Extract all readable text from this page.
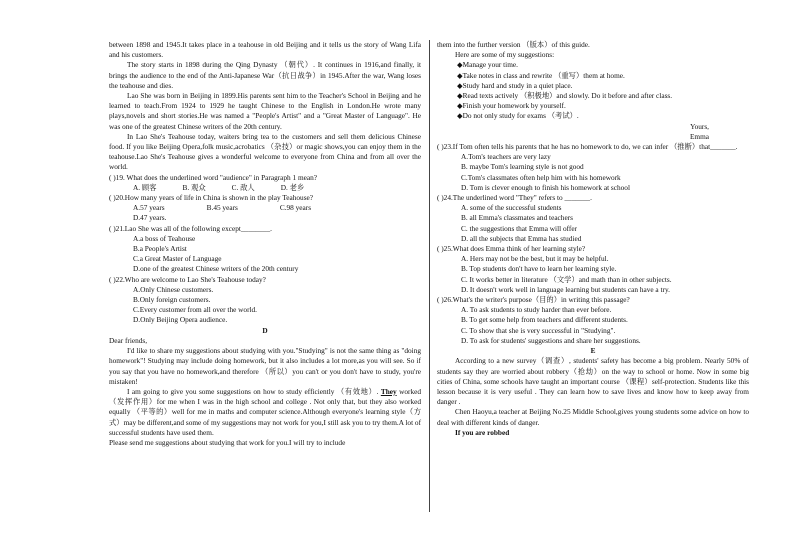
between 1898 and 1945.It takes place in a teahouse in old Beijing and it tells us the story of Wang Lifa and his customers.

The story starts in 1898 during the Qing Dynasty （朝代）. It continues in 1916,and finally, it brings the audience to the end of the Anti-Japanese War（抗日战争）in 1945.After the war, Wang loses the teahouse and dies.

Lao She was born in Beijing in 1899.His parents sent him to the Teacher's School in Beijing and he learned to teach.From 1924 to 1929 he taught Chinese to the English in London.He wrote many plays,novels and short stories.He was named a "People's Artist" and a "Great Master of Language". He was one of the greatest Chinese writers of the 20th century.

In Lao She's Teahouse today, waiters bring tea to the customers and sell them delicious Chinese food. If you like Beijing Opera,folk music,acrobatics （杂技）or magic shows,you can enjoy them in the teahouse.Lao She's Teahouse gives a wonderful welcome to everyone from China and from all over the world.

( )19. What does the underlined word "audience" in Paragraph 1 mean?

A. 顾客	B. 观众	C. 敌人	D. 老乡

( )20.How many years of life in China is shown in the play Teahouse?

A.57 years	B.45 years	C.98 yearsD.47 years.

( )21.Lao She was all of the following except________.

A.a boss of Teahouse

B.a People's Artist

C.a Great Master of Language

D.one of the greatest Chinese writers of the 20th century

( )22.Who are welcome to Lao She's Teahouse today?

A.Only Chinese customers.

B.Only foreign customers.

C.Every customer from all over the world.

D.Only Beijing Opera audience.

D

Dear friends,

I'd like to share my suggestions about studying with you."Studying" is not the same thing as "doing homework"! Studying may include doing homework, but it also includes a lot more,as you will see. So if you say that you have no homework,and therefore （所以）you can't or you don't have to study, you're mistaken!

I am going to give you some suggestions on how to study efficiently （有效地）. They worked（发挥作用）for me when I was in the high school and college . Not only that, but they also worked equally （平等的）well for me in maths and computer science.Although everyone's learning style（方式）may be different,and some of my suggestions may not work for you,I still ask you to try them.A lot of successful students have used them.

Please send me suggestions about studying that work for you.I will try to include

them into the further version （版本）of this guide.

Here are some of my suggestions:

◆Manage your time.

◆Take notes in class and rewrite （重写）them at home.

◆Study hard and study in a quiet place.

◆Read texts actively （积极地）and slowly. Do it before and after class.

◆Finish your homework by yourself.

◆Do not only study for exams （考试）.

Yours,

Emma

( )23.If Tom often tells his parents that he has no homework to do, we can infer （推断）that_______.

A.Tom's teachers are very lazy

B. maybe Tom's learning style is not good

C.Tom's classmates often help him with his homework

D. Tom is clever enough to finish his homework at school

( )24.The underlined word "They" refers to _______.

A. some of the successful students

B. all Emma's classmates and teachers

C. the suggestions that Emma will offer

D. all the subjects that Emma has studied

( )25.What does Emma think of her learning style?

A. Hers may not be the best, but it may be helpful.

B. Top students don't have to learn her learning style.

C. It works better in literature （文学）and math than in other subjects.

D. It doesn't work well in language learning but students can have a try.

( )26.What's the writer's purpose（目的）in writing this passage?

A. To ask students to study harder than ever before.

B. To get some help from teachers and different students.

C. To show that she is very successful in "Studying".

D. To ask for students' suggestions and share her suggestions.

E

According to a new survey（调查）, students' safety has become a big problem. Nearly 50% of students say they are worried about robbery（抢劫）on the way to school or home. Now in some big cities of China, some schools have taught an important course （课程）self-protection. Students like this lesson because it is very useful . They can learn how to save lives and know how to keep away from danger .

Chen Haoyu,a teacher at Beijing No.25 Middle School,gives young students some advice on how to deal with different kinds of danger.

If you are robbed
